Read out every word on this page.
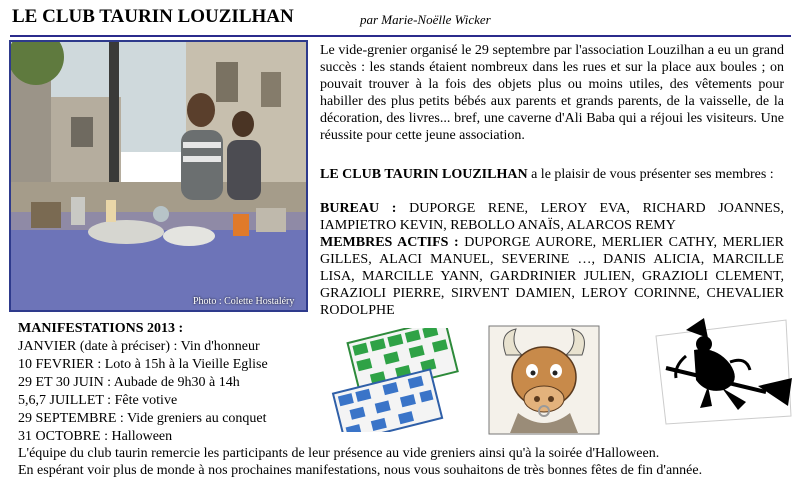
LE CLUB TAURIN LOUZILHAN	par Marie-Noëlle Wicker
Photo : Colette Hostaléry
Le vide-grenier organisé le 29 septembre par l'association Louzilhan a eu un grand succès : les stands étaient nombreux dans les rues et sur la place aux boules ; on pouvait trouver à la fois des objets plus ou moins utiles, des vêtements pour habiller des plus petits bébés aux parents et grands parents, de la vaisselle, de la décoration, des livres... bref, une caverne d'Ali Baba qui a réjoui les visiteurs. Une réussite pour cette jeune association.
LE CLUB TAURIN LOUZILHAN a le plaisir de vous présenter ses membres :
BUREAU : DUPORGE RENE, LEROY EVA, RICHARD JOANNES, IAMPIETRO KEVIN, REBOLLO ANAÏS, ALARCOS REMY
MEMBRES ACTIFS : DUPORGE AURORE, MERLIER CATHY, MERLIER GILLES, ALACI MANUEL, SEVERINE …, DANIS ALICIA, MARCILLE LISA, MARCILLE YANN, GARDRINIER JULIEN, GRAZIOLI CLEMENT, GRAZIOLI PIERRE, SIRVENT DAMIEN, LEROY CORINNE, CHEVALIER RODOLPHE
MANIFESTATIONS 2013 :
JANVIER (date à préciser) : Vin d'honneur
10 FEVRIER : Loto à 15h à la Vieille Eglise
29 ET 30 JUIN : Aubade de 9h30 à 14h
5,6,7 JUILLET : Fête votive
29 SEPTEMBRE : Vide greniers au conquet
31 OCTOBRE : Halloween
L'équipe du club taurin remercie les participants de leur présence au vide greniers ainsi qu'à la soirée d'Halloween.
En espérant voir plus de monde à nos prochaines manifestations, nous vous souhaitons de très bonnes fêtes de fin d'année.
